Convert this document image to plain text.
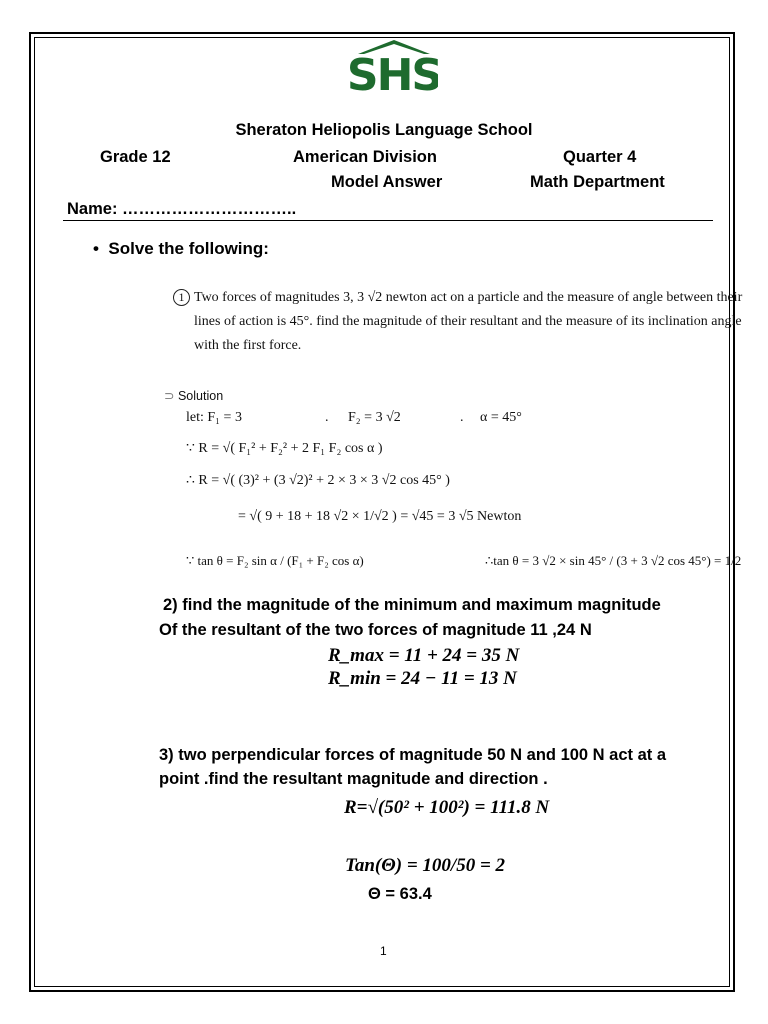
SHS
Sheraton Heliopolis Language School
Grade 12	American Division	Quarter 4
Model Answer	Math Department
Name: …………………………..
•  Solve the following:
1 Two forces of magnitudes 3, 3 √2 newton act on a particle and the measure of angle between their
lines of action is 45°. find the magnitude of their resultant and the measure of its inclination angle
with the first force.
⊃ Solution
let: F₁ = 3	. F₂ = 3 √2	. α = 45°
∵ R = √( F₁² + F₂² + 2 F₁ F₂ cos α )
∴ R = √( (3)² + (3 √2)² + 2 × 3 × 3 √2 cos 45° )
= √( 9 + 18 + 18 √2 × 1/√2 ) = √45 = 3 √5 Newton
∵ tan θ = F₂ sin α / (F₁ + F₂ cos α)	∴tan θ = 3 √2 × sin 45° / (3 + 3 √2 cos 45°) = 1/2
2) find the magnitude of the minimum and maximum magnitude
Of the resultant of the two forces of magnitude 11 ,24 N
R_max = 11 + 24 = 35 N
R_min = 24 − 11 = 13 N
3) two perpendicular forces of magnitude 50 N and 100 N act at a
point .find the resultant magnitude and direction .
R=√(50² + 100²) = 111.8 N
Tan(Θ) = 100/50 = 2
Θ = 63.4
1
